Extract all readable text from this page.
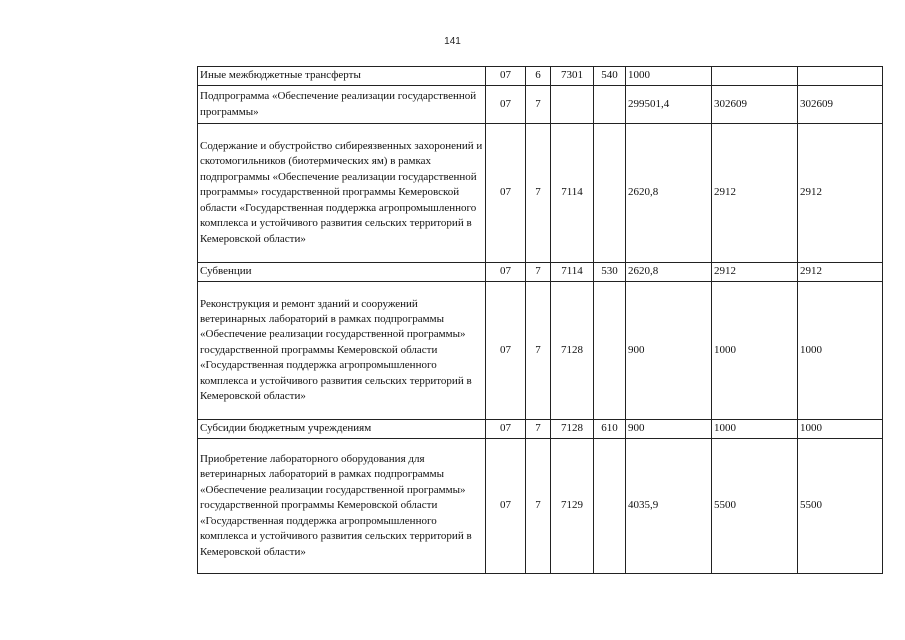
141
Иные межбюджетные трансферты	07	6	7301	540	1000		
Подпрограмма «Обеспечение реализации государственной программы»	07	7			299501,4	302609	302609
Содержание и обустройство сибиреязвенных захоронений и скотомогильников (биотермических ям) в рамках подпрограммы «Обеспечение реализации государственной программы» государственной программы Кемеровской области «Государственная поддержка агропромышленного комплекса и устойчивого развития сельских территорий в Кемеровской области»	07	7	7114		2620,8	2912	2912
Субвенции	07	7	7114	530	2620,8	2912	2912
Реконструкция и ремонт зданий и сооружений ветеринарных лабораторий в рамках подпрограммы «Обеспечение реализации государственной программы» государственной программы Кемеровской области «Государственная поддержка агропромышленного комплекса и устойчивого развития сельских территорий в Кемеровской области»	07	7	7128		900	1000	1000
Субсидии бюджетным учреждениям	07	7	7128	610	900	1000	1000
Приобретение лабораторного оборудования для ветеринарных лабораторий в рамках подпрограммы «Обеспечение реализации государственной программы» государственной программы Кемеровской области «Государственная поддержка агропромышленного комплекса и устойчивого развития сельских территорий в Кемеровской области»	07	7	7129		4035,9	5500	5500
